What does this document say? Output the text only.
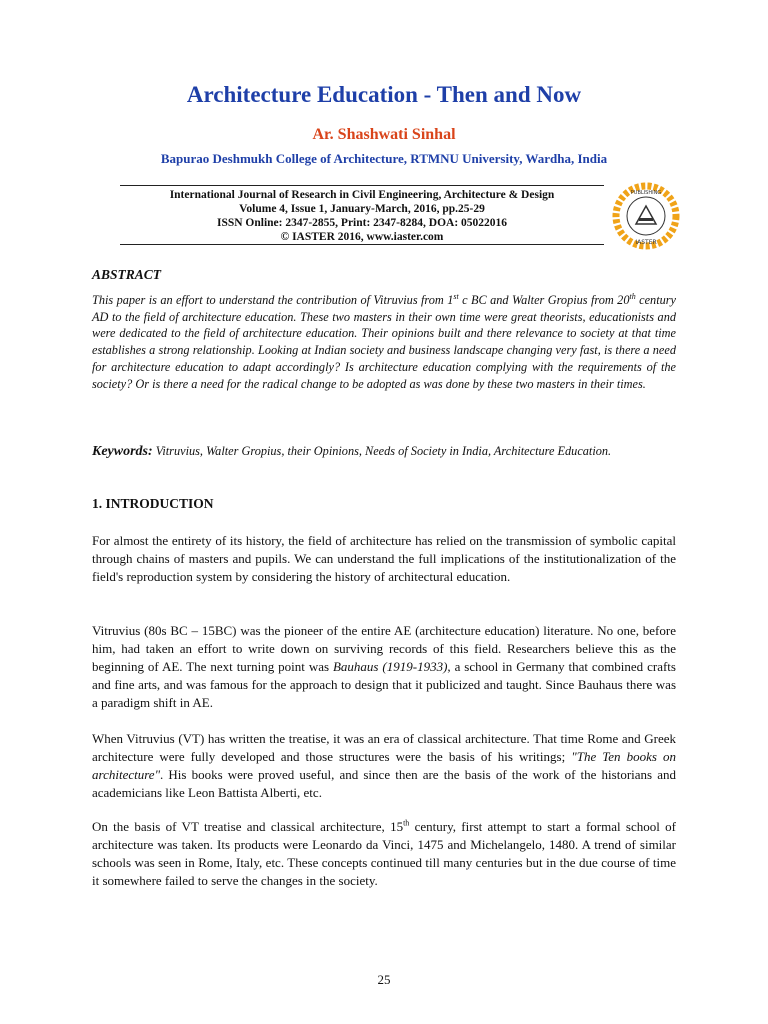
Architecture Education - Then and Now
Ar. Shashwati Sinhal
Bapurao Deshmukh College of Architecture, RTMNU University, Wardha, India
International Journal of Research in Civil Engineering, Architecture & Design
Volume 4, Issue 1, January-March, 2016, pp.25-29
ISSN Online: 2347-2855, Print: 2347-8284, DOA: 05022016
© IASTER 2016, www.iaster.com
PUBLISHING
IASTER
ABSTRACT
This paper is an effort to understand the contribution of Vitruvius from 1st c BC and Walter Gropius from 20th century AD to the field of architecture education. These two masters in their own time were great theorists, educationists and were dedicated to the field of architecture education. Their opinions built and there relevance to society at that time establishes a strong relationship. Looking at Indian society and business landscape changing very fast, is there a need for architecture education to adapt accordingly? Is architecture education complying with the requirements of the society? Or is there a need for the radical change to be adopted as was done by these two masters in their times.
Keywords: Vitruvius, Walter Gropius, their Opinions, Needs of Society in India, Architecture Education.
1. INTRODUCTION
For almost the entirety of its history, the field of architecture has relied on the transmission of symbolic capital through chains of masters and pupils. We can understand the full implications of the institutionalization of the field's reproduction system by considering the history of architectural education.
Vitruvius (80s BC – 15BC) was the pioneer of the entire AE (architecture education) literature. No one, before him, had taken an effort to write down on surviving records of this field. Researchers believe this as the beginning of AE. The next turning point was Bauhaus (1919-1933), a school in Germany that combined crafts and fine arts, and was famous for the approach to design that it publicized and taught. Since Bauhaus there was a paradigm shift in AE.
When Vitruvius (VT) has written the treatise, it was an era of classical architecture. That time Rome and Greek architecture were fully developed and those structures were the basis of his writings; "The Ten books on architecture". His books were proved useful, and since then are the basis of the work of the historians and academicians like Leon Battista Alberti, etc.
On the basis of VT treatise and classical architecture, 15th century, first attempt to start a formal school of architecture was taken. Its products were Leonardo da Vinci, 1475 and Michelangelo, 1480. A trend of similar schools was seen in Rome, Italy, etc. These concepts continued till many centuries but in the due course of time it somewhere failed to serve the changes in the society.
25
